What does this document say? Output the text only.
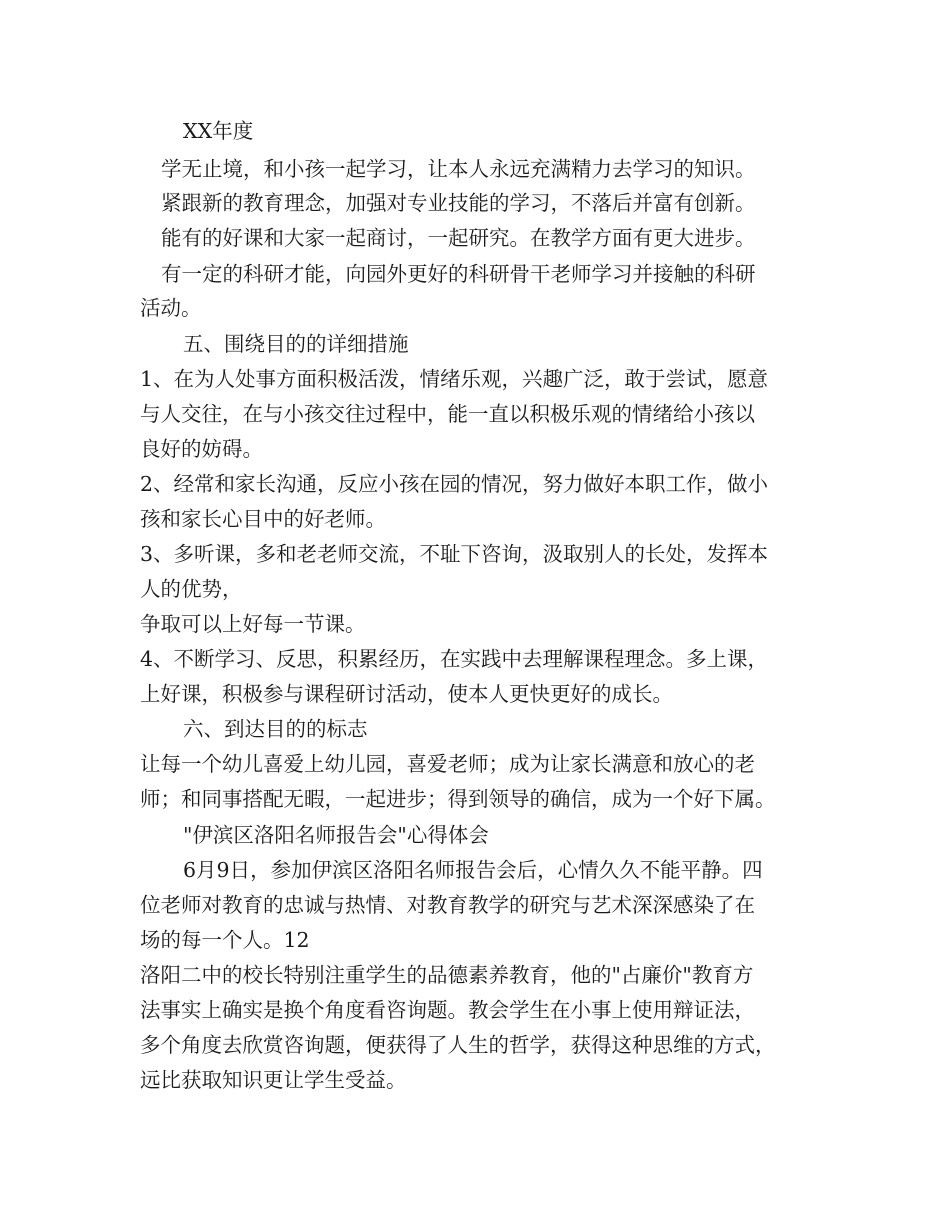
XX年度

学无止境，和小孩一起学习，让本人永远充满精力去学习的知识。

紧跟新的教育理念，加强对专业技能的学习，不落后并富有创新。

能有的好课和大家一起商讨，一起研究。在教学方面有更大进步。

有一定的科研才能，向园外更好的科研骨干老师学习并接触的科研

活动。

五、围绕目的的详细措施

1、在为人处事方面积极活泼，情绪乐观，兴趣广泛，敢于尝试，愿意

与人交往，在与小孩交往过程中，能一直以积极乐观的情绪给小孩以

良好的妨碍。

2、经常和家长沟通，反应小孩在园的情况，努力做好本职工作，做小

孩和家长心目中的好老师。

3、多听课，多和老老师交流，不耻下咨询，汲取别人的长处，发挥本

人的优势，

争取可以上好每一节课。

4、不断学习、反思，积累经历，在实践中去理解课程理念。多上课，

上好课，积极参与课程研讨活动，使本人更快更好的成长。

六、到达目的的标志

让每一个幼儿喜爱上幼儿园，喜爱老师；成为让家长满意和放心的老

师；和同事搭配无暇，一起进步；得到领导的确信，成为一个好下属。

"伊滨区洛阳名师报告会"心得体会

6月9日，参加伊滨区洛阳名师报告会后，心情久久不能平静。四

位老师对教育的忠诚与热情、对教育教学的研究与艺术深深感染了在

场的每一个人。12

洛阳二中的校长特别注重学生的品德素养教育，他的"占廉价"教育方

法事实上确实是换个角度看咨询题。教会学生在小事上使用辩证法，

多个角度去欣赏咨询题，便获得了人生的哲学，获得这种思维的方式，

远比获取知识更让学生受益。
